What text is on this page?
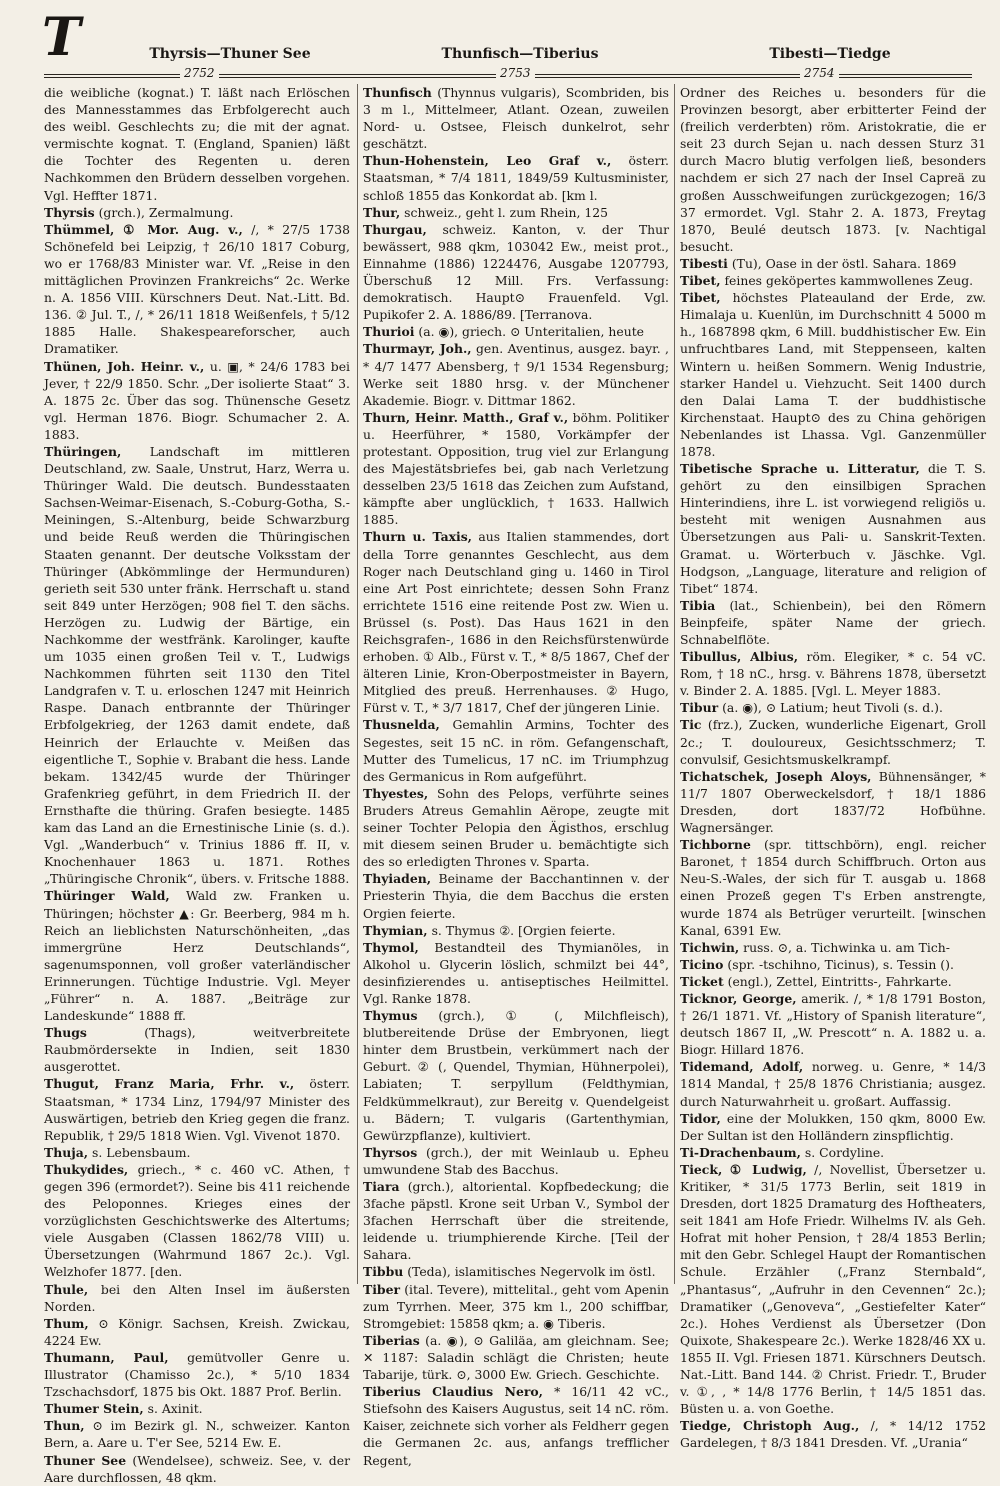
T	Thyrsis—Thuner See	Thunfisch—Tiberius	Tibesti—Tiedge
2752	2753	2754

die weibliche (kognat.) T. läßt nach Erlöschen des Mannesstammes das Erbfolgerecht auch des weibl. Geschlechts zu; die mit der agnat. vermischte kognat. T. (England, Spanien) läßt die Tochter des Regenten u. deren Nachkommen den Brüdern desselben vorgehen. Vgl. Heffter 1871.

Thyrsis (grch.), Zermalmung.

Thümmel, ① Mor. Aug. v., /, * 27/5 1738 Schönefeld bei Leipzig, † 26/10 1817 Coburg, wo er 1768/83 Minister war. Vf. „Reise in den mittäglichen Provinzen Frankreichs“ 2c. Werke n. A. 1856 VIII. Kürschners Deut. Nat.-Litt. Bd. 136. ② Jul. T., /, * 26/11 1818 Weißenfels, † 5/12 1885 Halle. Shakespeareforscher, auch Dramatiker.

Thünen, Joh. Heinr. v., u. ▣, * 24/6 1783 bei Jever, † 22/9 1850. Schr. „Der isolierte Staat“ 3. A. 1875 2c. Über das sog. Thünensche Gesetz vgl. Herman 1876. Biogr. Schumacher 2. A. 1883.

Thüringen, Landschaft im mittleren Deutschland, zw. Saale, Unstrut, Harz, Werra u. Thüringer Wald. Die deutsch. Bundesstaaten Sachsen-Weimar-Eisenach, S.-Coburg-Gotha, S.-Meiningen, S.-Altenburg, beide Schwarzburg und beide Reuß werden die Thüringischen Staaten genannt. Der deutsche Volksstam der Thüringer (Abkömmlinge der Hermunduren) gerieth seit 530 unter fränk. Herrschaft u. stand seit 849 unter Herzögen; 908 fiel T. den sächs. Herzögen zu. Ludwig der Bärtige, ein Nachkomme der westfränk. Karolinger, kaufte um 1035 einen großen Teil v. T., Ludwigs Nachkommen führten seit 1130 den Titel Landgrafen v. T. u. erloschen 1247 mit Heinrich Raspe. Danach entbrannte der Thüringer Erbfolgekrieg, der 1263 damit endete, daß Heinrich der Erlauchte v. Meißen das eigentliche T., Sophie v. Brabant die hess. Lande bekam. 1342/45 wurde der Thüringer Grafenkrieg geführt, in dem Friedrich II. der Ernsthafte die thüring. Grafen besiegte. 1485 kam das Land an die Ernestinische Linie (s. d.). Vgl. „Wanderbuch“ v. Trinius 1886 ff. II, v. Knochenhauer 1863 u. 1871. Rothes „Thüringische Chronik“, übers. v. Fritsche 1888.

Thüringer Wald, Wald zw. Franken u. Thüringen; höchster ▲: Gr. Beerberg, 984 m h. Reich an lieblichsten Naturschönheiten, „das immergrüne Herz Deutschlands“, sagenumsponnen, voll großer vaterländischer Erinnerungen. Tüchtige Industrie. Vgl. Meyer „Führer“ n. A. 1887. „Beiträge zur Landeskunde“ 1888 ff.

Thugs	(Thags), weitverbreitete Raubmördersekte in Indien, seit 1830 ausgerottet.

Thugut, Franz Maria, Frhr. v., österr. Staatsman, * 1734 Linz, 1794/97 Minister des Auswärtigen, betrieb den Krieg gegen die franz. Republik, † 29/5 1818 Wien. Vgl. Vivenot 1870.

Thuja, s. Lebensbaum.

Thukydides, griech., * c. 460 vC. Athen, † gegen 396 (ermordet?). Seine bis 411 reichende des Peloponnes. Krieges eines der vorzüglichsten Geschichtswerke des Altertums; viele Ausgaben (Classen 1862/78 VIII) u. Übersetzungen (Wahrmund 1867 2c.). Vgl. Welzhofer 1877. [den.

Thule, bei den Alten Insel im äußersten Norden.

Thum, ⊙ Königr. Sachsen, Kreish. Zwickau, 4224 Ew.

Thumann, Paul, gemütvoller Genre u. Illustrator (Chamisso 2c.), * 5/10 1834 Tzschachsdorf, 1875 bis Okt. 1887 Prof. Berlin.

Thumer Stein, s. Axinit.

Thun, ⊙ im Bezirk gl. N., schweizer. Kanton Bern, a. Aare u. T'er See, 5214 Ew. E.

Thuner See (Wendelsee), schweiz. See, v. der Aare durchflossen, 48 qkm.

Thunfisch (Thynnus vulgaris), Scombriden, bis 3 m l., Mittelmeer, Atlant. Ozean, zuweilen Nord- u. Ostsee, Fleisch dunkelrot, sehr geschätzt.

Thun-Hohenstein, Leo Graf v., österr. Staatsman, * 7/4 1811, 1849/59 Kultusminister, schloß 1855 das Konkordat ab. [km l.

Thur, schweiz., geht l. zum Rhein, 125

Thurgau, schweiz. Kanton, v. der Thur bewässert, 988 qkm, 103042 Ew., meist prot., Einnahme (1886) 1224476, Ausgabe 1207793, Überschuß 12 Mill. Frs. Verfassung: demokratisch. Haupt⊙ Frauenfeld. Vgl. Pupikofer 2. A. 1886/89. [Terranova.

Thurioi (a. ◉), griech. ⊙ Unteritalien, heute

Thurmayr, Joh., gen. Aventinus, ausgez. bayr. , * 4/7 1477 Abensberg, † 9/1 1534 Regensburg; Werke seit 1880 hrsg. v. der Münchener Akademie. Biogr. v. Dittmar 1862.

Thurn, Heinr. Matth., Graf v., böhm. Politiker u. Heerführer, * 1580, Vorkämpfer der protestant. Opposition, trug viel zur Erlangung des Majestätsbriefes bei, gab nach Verletzung desselben 23/5 1618 das Zeichen zum Aufstand, kämpfte aber unglücklich, † 1633. Hallwich 1885.

Thurn u. Taxis, aus Italien stammendes, dort della Torre genanntes Geschlecht, aus dem Roger nach Deutschland ging u. 1460 in Tirol eine Art Post einrichtete; dessen Sohn Franz errichtete 1516 eine reitende Post zw. Wien u. Brüssel (s. Post). Das Haus 1621 in den Reichsgrafen-, 1686 in den Reichsfürstenwürde erhoben. ① Alb., Fürst v. T., * 8/5 1867, Chef der älteren Linie, Kron-Oberpostmeister in Bayern, Mitglied des preuß. Herrenhauses. ② Hugo, Fürst v. T., * 3/7 1817, Chef der jüngeren Linie.

Thusnelda, Gemahlin Armins, Tochter des Segestes, seit 15 nC. in röm. Gefangenschaft, Mutter des Tumelicus, 17 nC. im Triumphzug des Germanicus in Rom aufgeführt.

Thyestes, Sohn des Pelops, verführte seines Bruders Atreus Gemahlin Aërope, zeugte mit seiner Tochter Pelopia den Ägisthos, erschlug mit diesem seinen Bruder u. bemächtigte sich des so erledigten Thrones v. Sparta.

Thyiaden, Beiname der Bacchantinnen v. der Priesterin Thyia, die dem Bacchus die ersten Orgien feierte.

Thymian, s. Thymus ②. [Orgien feierte.

Thymol, Bestandteil des Thymianöles, in Alkohol u. Glycerin löslich, schmilzt bei 44°, desinfizierendes u. antiseptisches Heilmittel. Vgl. Ranke 1878.

Thymus (grch.), ① (, Milchfleisch), blutbereitende Drüse der Embryonen, liegt hinter dem Brustbein, verkümmert nach der Geburt. ② (, Quendel, Thymian, Hühnerpolei), Labiaten; T. serpyllum (Feldthymian, Feldkümmelkraut), zur Bereitg v. Quendelgeist u. Bädern; T. vulgaris (Gartenthymian, Gewürzpflanze), kultiviert.

Thyrsos (grch.), der mit Weinlaub u. Epheu umwundene Stab des Bacchus.

Tiara (grch.), altoriental. Kopfbedeckung; die 3fache päpstl. Krone seit Urban V., Symbol der 3fachen Herrschaft über die streitende, leidende u. triumphierende Kirche. [Teil der Sahara.

Tibbu (Teda), islamitisches Negervolk im östl.

Tiber (ital. Tevere), mittelital., geht vom Apenin zum Tyrrhen. Meer, 375 km l., 200 schiffbar, Stromgebiet: 15858 qkm; a. ◉ Tiberis.

Tiberias (a. ◉), ⊙ Galiläa, am gleichnam. See; ✕ 1187: Saladin schlägt die Christen; heute Tabarije, türk. ⊙, 3000 Ew. Griech. Geschichte.

Tiberius Claudius Nero, * 16/11 42 vC., Stiefsohn des Kaisers Augustus, seit 14 nC. röm. Kaiser, zeichnete sich vorher als Feldherr gegen die Germanen 2c. aus, anfangs trefflicher Regent,

Ordner des Reiches u. besonders für die Provinzen besorgt, aber erbitterter Feind der (freilich verderbten) röm. Aristokratie, die er seit 23 durch Sejan u. nach dessen Sturz 31 durch Macro blutig verfolgen ließ, besonders nachdem er sich 27 nach der Insel Capreä zu großen Ausschweifungen zurückgezogen; 16/3 37 ermordet. Vgl. Stahr 2. A. 1873, Freytag 1870, Beulé deutsch 1873. [v. Nachtigal besucht.

Tibesti (Tu), Oase in der östl. Sahara. 1869

Tibet, feines geköpertes kammwollenes Zeug.

Tibet, höchstes Plateauland der Erde, zw. Himalaja u. Kuenlün, im Durchschnitt 4 5000 m h., 1687898 qkm, 6 Mill. buddhistischer Ew. Ein unfruchtbares Land, mit Steppenseen, kalten Wintern u. heißen Sommern. Wenig Industrie, starker Handel u. Viehzucht. Seit 1400 durch den Dalai Lama T. der buddhistische Kirchenstaat. Haupt⊙ des zu China gehörigen Nebenlandes ist Lhassa. Vgl. Ganzenmüller 1878.

Tibetische Sprache u. Litteratur, die T. S. gehört zu den einsilbigen Sprachen Hinterindiens, ihre L. ist vorwiegend religiös u. besteht mit wenigen Ausnahmen aus Übersetzungen aus Pali- u. Sanskrit-Texten. Gramat. u. Wörterbuch v. Jäschke. Vgl. Hodgson, „Language, literature and religion of Tibet“ 1874.

Tibia (lat., Schienbein), bei den Römern Beinpfeife, später Name der griech. Schnabelflöte.

Tibullus, Albius, röm. Elegiker, * c. 54 vC. Rom, † 18 nC., hrsg. v. Bährens 1878, übersetzt v. Binder 2. A. 1885. [Vgl. L. Meyer 1883.

Tibur (a. ◉), ⊙ Latium; heut Tivoli (s. d.).

Tic (frz.), Zucken, wunderliche Eigenart, Groll 2c.; T. douloureux, Gesichtsschmerz; T. convulsif, Gesichtsmuskelkrampf.

Tichatschek, Joseph Aloys, Bühnensänger, * 11/7 1807 Oberweckelsdorf, † 18/1 1886 Dresden, dort 1837/72 Hofbühne. Wagnersänger.

Tichborne (spr. tittschbörn), engl. reicher Baronet, † 1854 durch Schiffbruch. Orton aus Neu-S.-Wales, der sich für T. ausgab u. 1868 einen Prozeß gegen T's Erben anstrengte, wurde 1874 als Betrüger verurteilt. [winschen Kanal, 6391 Ew.

Tichwin, russ. ⊙, a. Tichwinka u. am Tich-

Ticino (spr. -tschihno, Ticinus), s. Tessin ().

Ticket (engl.), Zettel, Eintritts-, Fahrkarte.

Ticknor, George, amerik. /, * 1/8 1791 Boston, † 26/1 1871. Vf. „History of Spanish literature“, deutsch 1867 II, „W. Prescott“ n. A. 1882 u. a. Biogr. Hillard 1876.

Tidemand, Adolf, norweg. u. Genre, * 14/3 1814 Mandal, † 25/8 1876 Christiania; ausgez. durch Naturwahrheit u. großart. Auffassig.

Tidor, eine der Molukken, 150 qkm, 8000 Ew. Der Sultan ist den Holländern zinspflichtig.

Ti-Drachenbaum, s. Cordyline.

Tieck, ① Ludwig, /, Novellist, Übersetzer u. Kritiker, * 31/5 1773 Berlin, seit 1819 in Dresden, dort 1825 Dramaturg des Hoftheaters, seit 1841 am Hofe Friedr. Wilhelms IV. als Geh. Hofrat mit hoher Pension, † 28/4 1853 Berlin; mit den Gebr. Schlegel Haupt der Romantischen Schule. Erzähler („Franz Sternbald“, „Phantasus“, „Aufruhr in den Cevennen“ 2c.); Dramatiker („Genoveva“, „Gestiefelter Kater“ 2c.). Hohes Verdienst als Übersetzer (Don Quixote, Shakespeare 2c.). Werke 1828/46 XX u. 1855 II. Vgl. Friesen 1871. Kürschners Deutsch. Nat.-Litt. Band 144. ② Christ. Friedr. T., Bruder v. ①, , * 14/8 1776 Berlin, † 14/5 1851 das. Büsten u. a. von Goethe.

Tiedge, Christoph Aug., /, * 14/12 1752 Gardelegen, † 8/3 1841 Dresden. Vf. „Urania“
